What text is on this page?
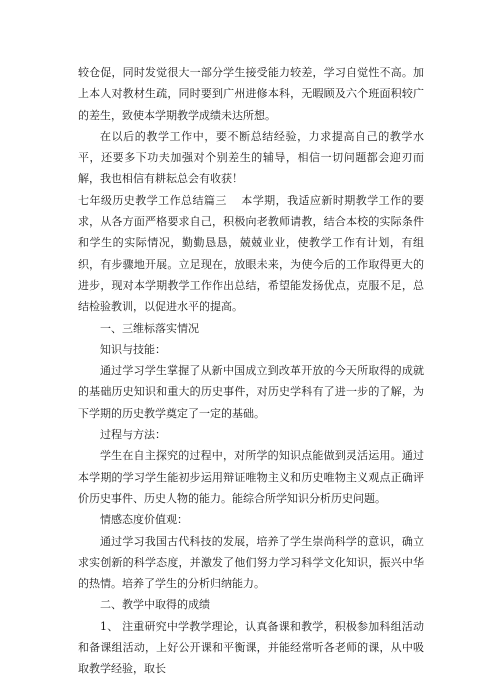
较仓促，同时发觉很大一部分学生接受能力较差，学习自觉性不高。加上本人对教材生疏，同时要到广州进修本科，无暇顾及六个班面积较广的差生，致使本学期教学成绩未达所想。

在以后的教学工作中，要不断总结经验，力求提高自己的教学水平，还要多下功夫加强对个别差生的辅导，相信一切问题都会迎刃而解，我也相信有耕耘总会有收获！

七年级历史教学工作总结篇三 本学期，我适应新时期教学工作的要求，从各方面严格要求自己，积极向老教师请教，结合本校的实际条件和学生的实际情况，勤勤恳恳，兢兢业业，使教学工作有计划，有组织，有步骤地开展。立足现在，放眼未来，为使今后的工作取得更大的进步，现对本学期教学工作作出总结，希望能发扬优点，克服不足，总结检验教训，以促进水平的提高。

一、三维标落实情况

知识与技能：

通过学习学生掌握了从新中国成立到改革开放的今天所取得的成就的基础历史知识和重大的历史事件，对历史学科有了进一步的了解，为下学期的历史教学奠定了一定的基础。

过程与方法：

学生在自主探究的过程中，对所学的知识点能做到灵活运用。通过本学期的学习学生能初步运用辩证唯物主义和历史唯物主义观点正确评价历史事件、历史人物的能力。能综合所学知识分析历史问题。

情感态度价值观：

通过学习我国古代科技的发展，培养了学生崇尚科学的意识，确立求实创新的科学态度，并激发了他们努力学习科学文化知识，振兴中华的热情。培养了学生的分析归纳能力。

二、教学中取得的成绩

1、 注重研究中学教学理论，认真备课和教学，积极参加科组活动和备课组活动，上好公开课和平衡课，并能经常听各老师的课，从中吸取教学经验，取长
